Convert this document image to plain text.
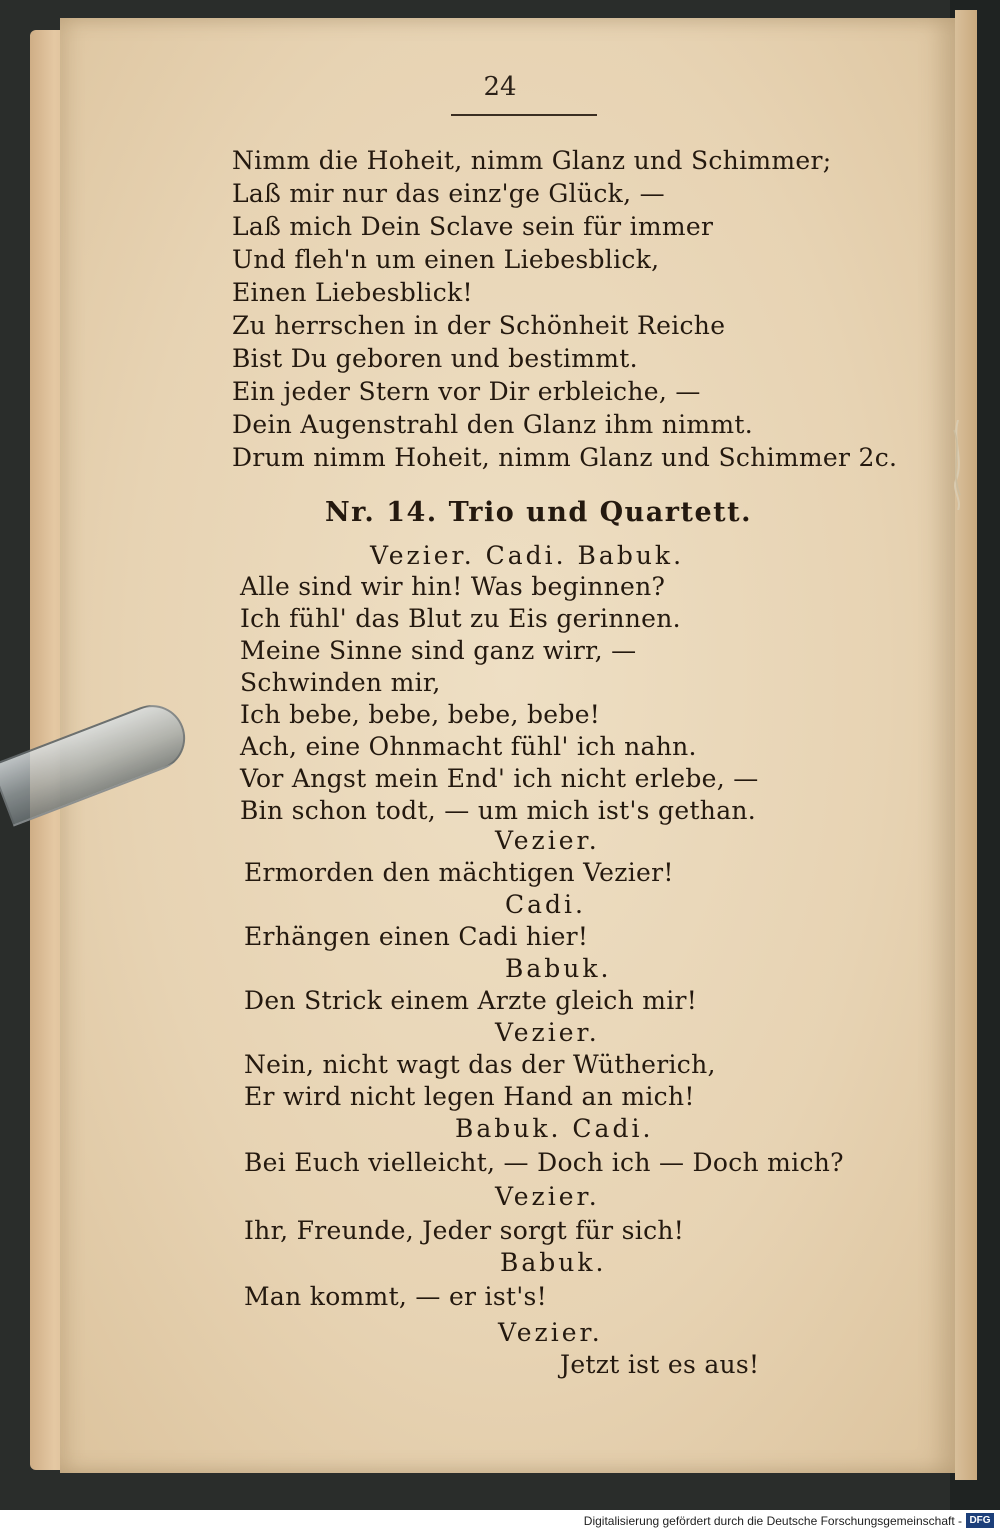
24
Nimm die Hoheit, nimm Glanz und Schimmer;
Laß mir nur das einz'ge Glück, —
Laß mich Dein Sclave sein für immer
Und fleh'n um einen Liebesblick,
Einen Liebesblick!
Zu herrschen in der Schönheit Reiche
Bist Du geboren und bestimmt.
Ein jeder Stern vor Dir erbleiche, —
Dein Augenstrahl den Glanz ihm nimmt.
Drum nimm Hoheit, nimm Glanz und Schimmer 2c.
Nr. 14. Trio und Quartett.
Vezier. Cadi. Babuk.
Alle sind wir hin! Was beginnen?
Ich fühl' das Blut zu Eis gerinnen.
Meine Sinne sind ganz wirr, —
Schwinden mir,
Ich bebe, bebe, bebe, bebe!
Ach, eine Ohnmacht fühl' ich nahn.
Vor Angst mein End' ich nicht erlebe, —
Bin schon todt, — um mich ist's gethan.
Vezier.
Ermorden den mächtigen Vezier!
Cadi.
Erhängen einen Cadi hier!
Babuk.
Den Strick einem Arzte gleich mir!
Vezier.
Nein, nicht wagt das der Wütherich,
Er wird nicht legen Hand an mich!
Babuk. Cadi.
Bei Euch vielleicht, — Doch ich — Doch mich?
Vezier.
Ihr, Freunde, Jeder sorgt für sich!
Babuk.
Man kommt, — er ist's!
Vezier.
Jetzt ist es aus!
Digitalisierung gefördert durch die Deutsche Forschungsgemeinschaft - DFG
